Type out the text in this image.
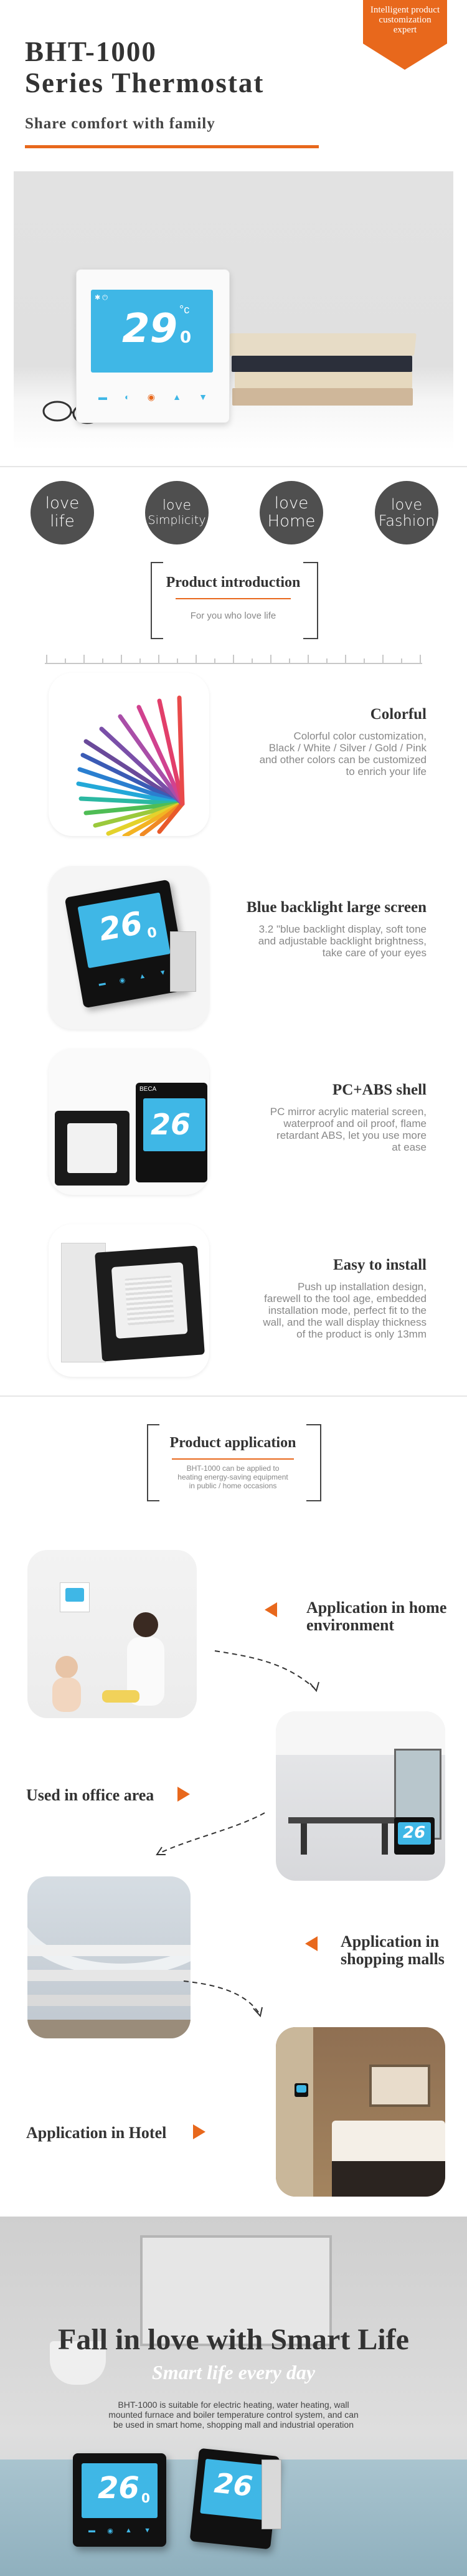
Intelligent product
customization
expert
BHT-1000
Series Thermostat
Share comfort with family
✱ ⏻
29 °c
0
▬ ◐ ◉ ▲ ▼
love
life
love
Simplicity
love
Home
love
Fashion
Product introduction
For you who love life
Colorful
Colorful color customization,
Black / White / Silver / Gold / Pink
and other colors can be customized
to enrich your life
26 0
▬ ◉ ▲ ▼
Blue backlight large screen
3.2 "blue backlight display, soft tone
and adjustable backlight brightness,
take care of your eyes
BECA
26
PC+ABS shell
PC mirror acrylic material screen,
waterproof and oil proof, flame
retardant ABS, let you use more
at ease
Easy to install
Push up installation design,
farewell to the tool age, embedded
installation mode, perfect fit to the
wall, and the wall display thickness
of the product is only 13mm
Product application
BHT-1000 can be applied to
heating energy-saving equipment
in public / home occasions
Application in home
environment
26
Used in office area
Application in
shopping malls
Application in Hotel
Fall in love with Smart Life
Smart life every day
BHT-1000 is suitable for electric heating, water heating, wall
mounted furnace and boiler temperature control system, and can
be used in smart home, shopping mall and industrial operation
26 0
▬ ◉ ▲ ▼
26
